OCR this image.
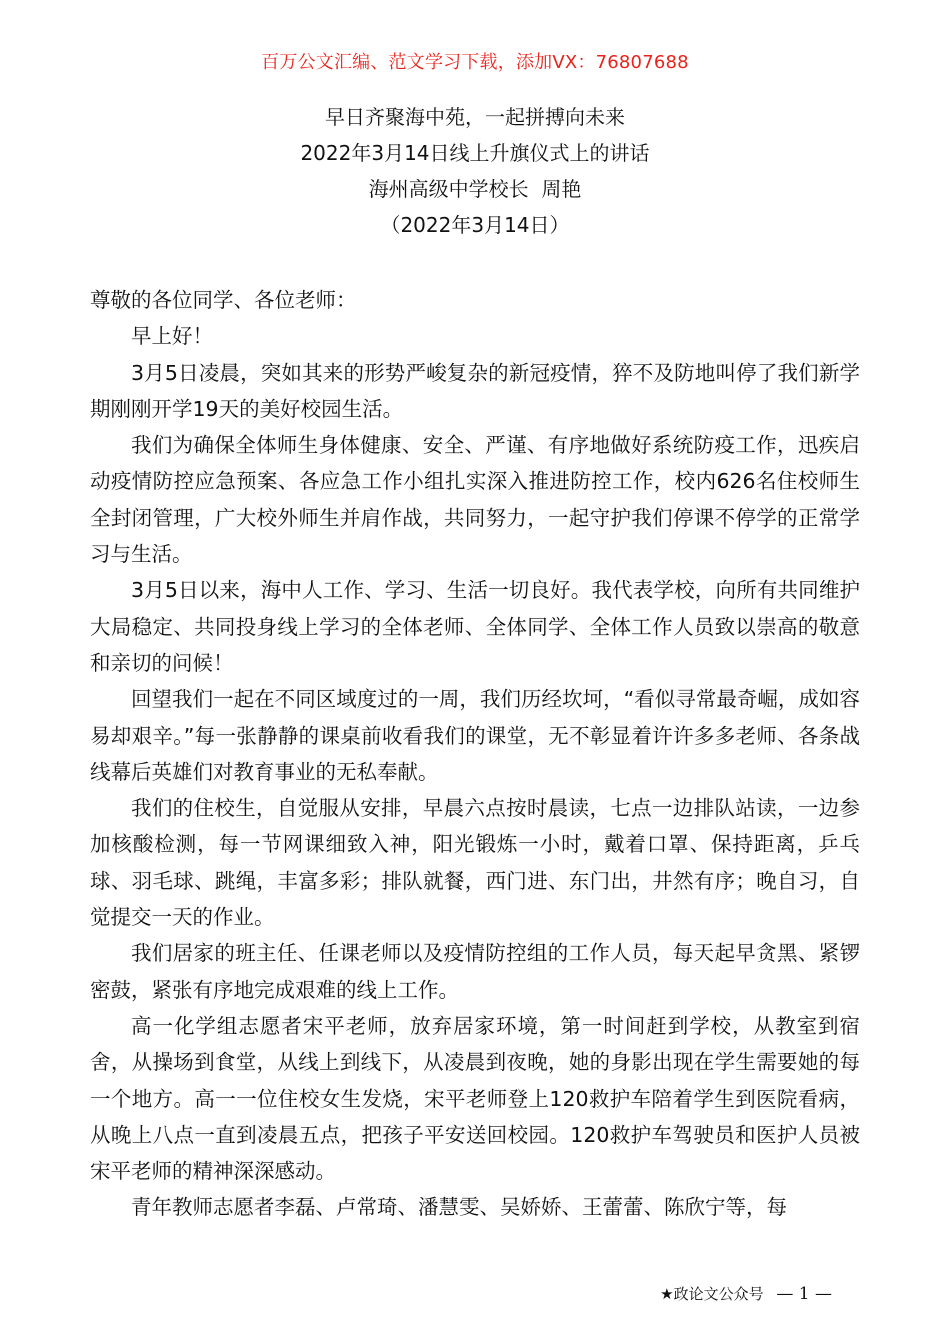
百万公文汇编、范文学习下载，添加VX：76807688
早日齐聚海中苑，一起拼搏向未来
2022年3月14日线上升旗仪式上的讲话
海州高级中学校长  周艳
（2022年3月14日）

尊敬的各位同学、各位老师：

早上好！

3月5日凌晨，突如其来的形势严峻复杂的新冠疫情，猝不及防地叫停了我们新学期刚刚开学19天的美好校园生活。

我们为确保全体师生身体健康、安全、严谨、有序地做好系统防疫工作，迅疾启动疫情防控应急预案、各应急工作小组扎实深入推进防控工作，校内626名住校师生全封闭管理，广大校外师生并肩作战，共同努力，一起守护我们停课不停学的正常学习与生活。

3月5日以来，海中人工作、学习、生活一切良好。我代表学校，向所有共同维护大局稳定、共同投身线上学习的全体老师、全体同学、全体工作人员致以崇高的敬意和亲切的问候！

回望我们一起在不同区域度过的一周，我们历经坎坷，“看似寻常最奇崛，成如容易却艰辛。”每一张静静的课桌前收看我们的课堂，无不彰显着许许多多老师、各条战线幕后英雄们对教育事业的无私奉献。

我们的住校生，自觉服从安排，早晨六点按时晨读，七点一边排队站读，一边参加核酸检测，每一节网课细致入神，阳光锻炼一小时，戴着口罩、保持距离，乒乓球、羽毛球、跳绳，丰富多彩；排队就餐，西门进、东门出，井然有序；晚自习，自觉提交一天的作业。

我们居家的班主任、任课老师以及疫情防控组的工作人员，每天起早贪黑、紧锣密鼓，紧张有序地完成艰难的线上工作。

高一化学组志愿者宋平老师，放弃居家环境，第一时间赶到学校，从教室到宿舍，从操场到食堂，从线上到线下，从凌晨到夜晚，她的身影出现在学生需要她的每一个地方。高一一位住校女生发烧，宋平老师登上120救护车陪着学生到医院看病，从晚上八点一直到凌晨五点，把孩子平安送回校园。120救护车驾驶员和医护人员被宋平老师的精神深深感动。

青年教师志愿者李磊、卢常琦、潘慧雯、吴娇娇、王蕾蕾、陈欣宁等，每

★政论文公众号 — 1 —
